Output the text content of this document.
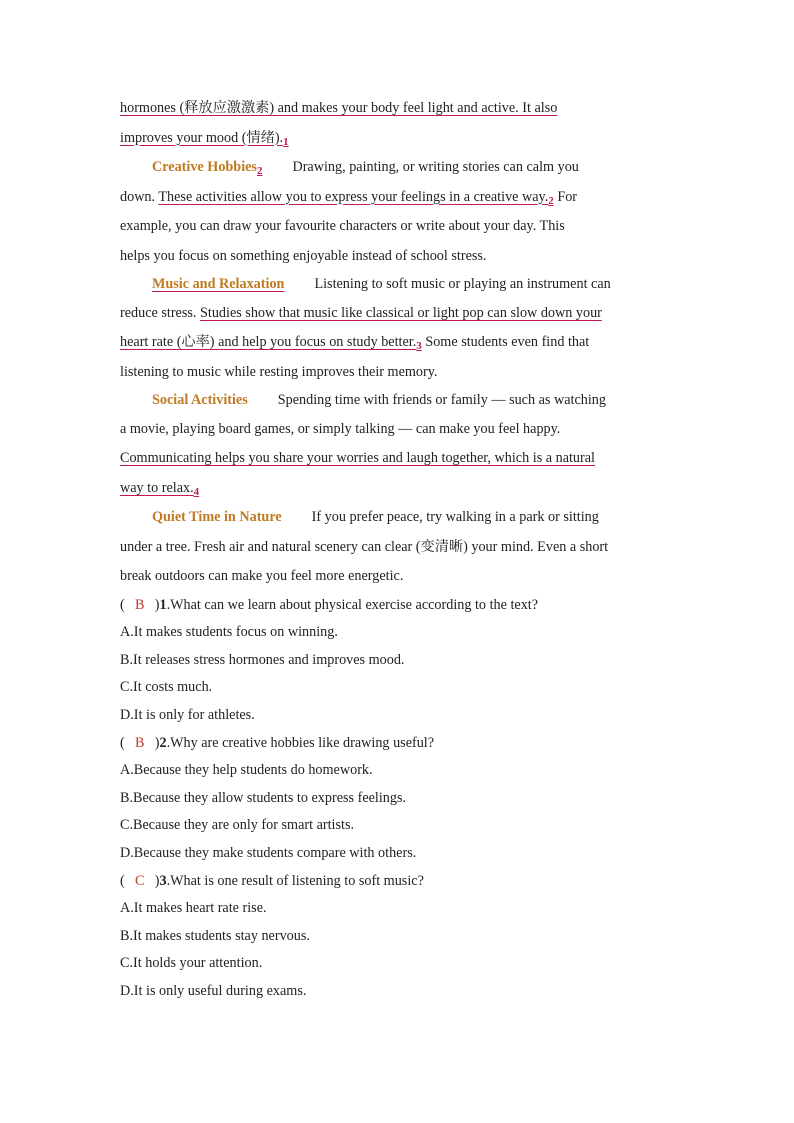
hormones (释放应激激素) and makes your body feel light and active. It also
improves your mood (情绪)$._1$
Creative Hobbies$_2$ Drawing, painting, or writing stories can calm you
down. These activities allow you to express your feelings in a creative $way._2$ For
example, you can draw your favourite characters or write about your day. This
helps you focus on something enjoyable instead of school stress.
Music and Relaxation Listening to soft music or playing an instrument can
reduce stress. Studies show that music like classical or light pop can slow down your
heart rate (心率) and help you focus on study $better._3$ Some students even find that
listening to music while resting improves their memory.
Social Activities Spending time with friends or family — such as watching
a movie, playing board games, or simply talking — can make you feel happy.
Communicating helps you share your worries and laugh together, which is a natural
way to $relax._4$
Quiet Time in Nature If you prefer peace, try walking in a park or sitting
under a tree. Fresh air and natural scenery can clear (变清晰) your mind. Even a short
break outdoors can make you feel more energetic.
( B )1.What can we learn about physical exercise according to the text?
A.It makes students focus on winning.
B.It releases stress hormones and improves mood.
C.It costs much.
D.It is only for athletes.
( B )2.Why are creative hobbies like drawing useful?
A.Because they help students do homework.
B.Because they allow students to express feelings.
C.Because they are only for smart artists.
D.Because they make students compare with others.
( C )3.What is one result of listening to soft music?
A.It makes heart rate rise.
B.It makes students stay nervous.
C.It holds your attention.
D.It is only useful during exams.
